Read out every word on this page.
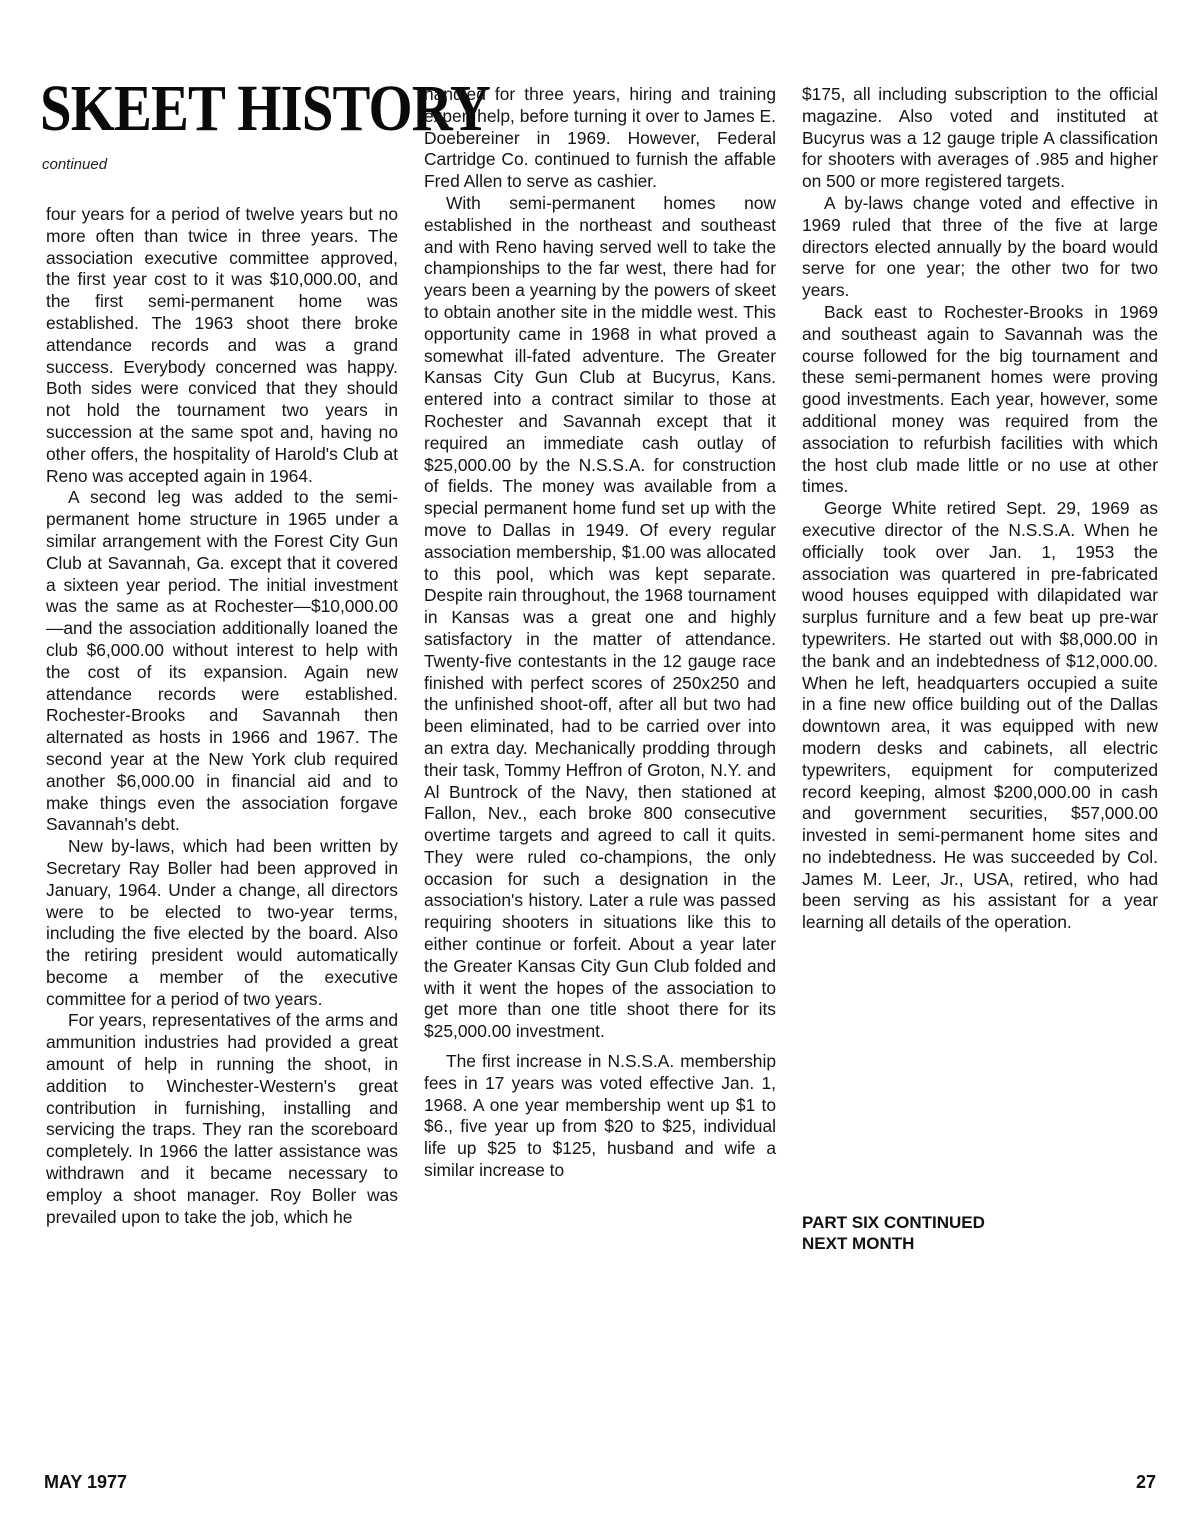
SKEET HISTORY
continued

four years for a period of twelve years but no more often than twice in three years. The association executive committee approved, the first year cost to it was $10,000.00, and the first semi-permanent home was established. The 1963 shoot there broke attendance records and was a grand success. Everybody concerned was happy. Both sides were conviced that they should not hold the tournament two years in succession at the same spot and, having no other offers, the hospitality of Harold's Club at Reno was accepted again in 1964.

A second leg was added to the semi-permanent home structure in 1965 under a similar arrangement with the Forest City Gun Club at Savannah, Ga. except that it covered a sixteen year period. The initial investment was the same as at Rochester—$10,000.00—and the association additionally loaned the club $6,000.00 without interest to help with the cost of its expansion. Again new attendance records were established. Rochester-Brooks and Savannah then alternated as hosts in 1966 and 1967. The second year at the New York club required another $6,000.00 in financial aid and to make things even the association forgave Savannah's debt.

New by-laws, which had been written by Secretary Ray Boller had been approved in January, 1964. Under a change, all directors were to be elected to two-year terms, including the five elected by the board. Also the retiring president would automatically become a member of the executive committee for a period of two years.

For years, representatives of the arms and ammunition industries had provided a great amount of help in running the shoot, in addition to Winchester-Western's great contribution in furnishing, installing and servicing the traps. They ran the scoreboard completely. In 1966 the latter assistance was withdrawn and it became necessary to employ a shoot manager. Roy Boller was prevailed upon to take the job, which he

handled for three years, hiring and training expert help, before turning it over to James E. Doebereiner in 1969. However, Federal Cartridge Co. continued to furnish the affable Fred Allen to serve as cashier.

With semi-permanent homes now established in the northeast and southeast and with Reno having served well to take the championships to the far west, there had for years been a yearning by the powers of skeet to obtain another site in the middle west. This opportunity came in 1968 in what proved a somewhat ill-fated adventure. The Greater Kansas City Gun Club at Bucyrus, Kans. entered into a contract similar to those at Rochester and Savannah except that it required an immediate cash outlay of $25,000.00 by the N.S.S.A. for construction of fields. The money was available from a special permanent home fund set up with the move to Dallas in 1949. Of every regular association membership, $1.00 was allocated to this pool, which was kept separate. Despite rain throughout, the 1968 tournament in Kansas was a great one and highly satisfactory in the matter of attendance. Twenty-five contestants in the 12 gauge race finished with perfect scores of 250x250 and the unfinished shoot-off, after all but two had been eliminated, had to be carried over into an extra day. Mechanically prodding through their task, Tommy Heffron of Groton, N.Y. and Al Buntrock of the Navy, then stationed at Fallon, Nev., each broke 800 consecutive overtime targets and agreed to call it quits. They were ruled co-champions, the only occasion for such a designation in the association's history. Later a rule was passed requiring shooters in situations like this to either continue or forfeit. About a year later the Greater Kansas City Gun Club folded and with it went the hopes of the association to get more than one title shoot there for its $25,000.00 investment.

The first increase in N.S.S.A. membership fees in 17 years was voted effective Jan. 1, 1968. A one year membership went up $1 to $6., five year up from $20 to $25, individual life up $25 to $125, husband and wife a similar increase to

$175, all including subscription to the official magazine. Also voted and instituted at Bucyrus was a 12 gauge triple A classification for shooters with averages of .985 and higher on 500 or more registered targets.

A by-laws change voted and effective in 1969 ruled that three of the five at large directors elected annually by the board would serve for one year; the other two for two years.

Back east to Rochester-Brooks in 1969 and southeast again to Savannah was the course followed for the big tournament and these semi-permanent homes were proving good investments. Each year, however, some additional money was required from the association to refurbish facilities with which the host club made little or no use at other times.

George White retired Sept. 29, 1969 as executive director of the N.S.S.A. When he officially took over Jan. 1, 1953 the association was quartered in pre-fabricated wood houses equipped with dilapidated war surplus furniture and a few beat up pre-war typewriters. He started out with $8,000.00 in the bank and an indebtedness of $12,000.00. When he left, headquarters occupied a suite in a fine new office building out of the Dallas downtown area, it was equipped with new modern desks and cabinets, all electric typewriters, equipment for computerized record keeping, almost $200,000.00 in cash and government securities, $57,000.00 invested in semi-permanent home sites and no indebtedness. He was succeeded by Col. James M. Leer, Jr., USA, retired, who had been serving as his assistant for a year learning all details of the operation.

PART SIX CONTINUED
NEXT MONTH
MAY 1977	27
